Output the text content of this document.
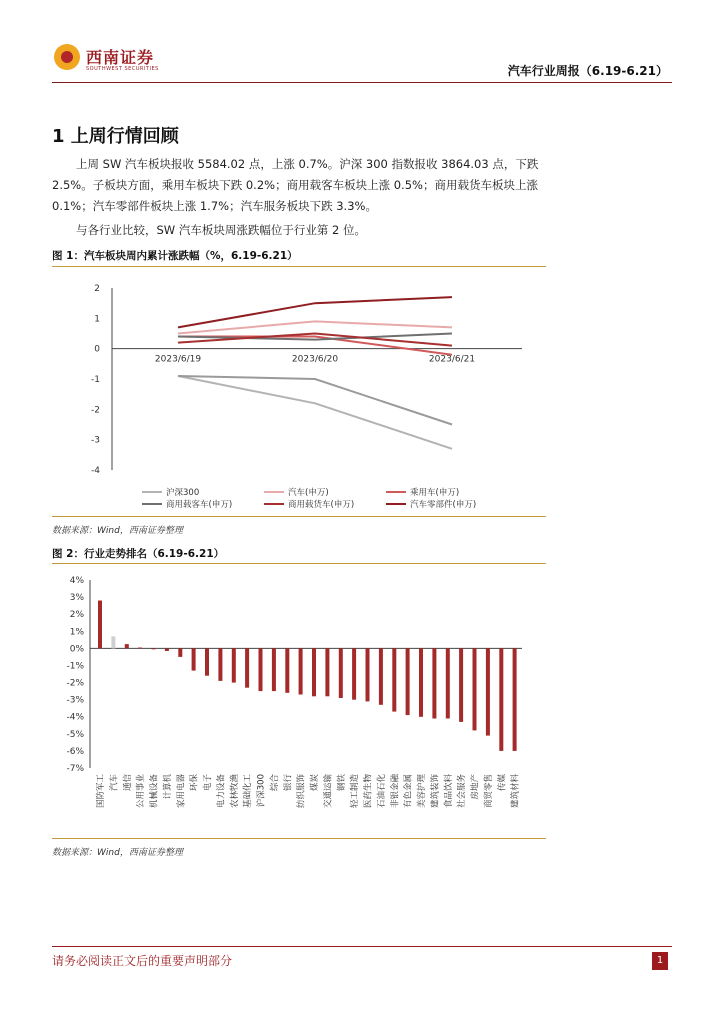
西南证券
SOUTHWEST SECURITIES	汽车行业周报（6.19-6.21）
1 上周行情回顾
上周 SW 汽车板块报收 5584.02 点，上涨 0.7%。沪深 300 指数报收 3864.03 点，下跌 2.5%。子板块方面，乘用车板块下跌 0.2%；商用载客车板块上涨 0.5%；商用载货车板块上涨 0.1%；汽车零部件板块上涨 1.7%；汽车服务板块下跌 3.3%。
与各行业比较，SW 汽车板块周涨跌幅位于行业第 2 位。
图 1：汽车板块周内累计涨跌幅（%，6.19-6.21）
2
1
0
-1
-2
-3
-4
2023/6/19	2023/6/20	2023/6/21
沪深300	汽车(申万)	乘用车(申万)
商用载客车(申万)	商用载货车(申万)	汽车零部件(申万)
数据来源：Wind，西南证券整理
图 2：行业走势排名（6.19-6.21）
4%
3%
2%
1%
0%
-1%
-2%
-3%
-4%
-5%
-6%
-7%
国防军工 汽车 通信 公用事业 机械设备 计算机 家用电器 环保 电子 电力设备 农林牧渔 基础化工 沪深300 综合 银行 纺织服饰 煤炭 交通运输 钢铁 轻工制造 医药生物 石油石化 非银金融 有色金属 美容护理 建筑装饰 食品饮料 社会服务 房地产 商贸零售 传媒 建筑材料
数据来源：Wind，西南证券整理
请务必阅读正文后的重要声明部分	1
